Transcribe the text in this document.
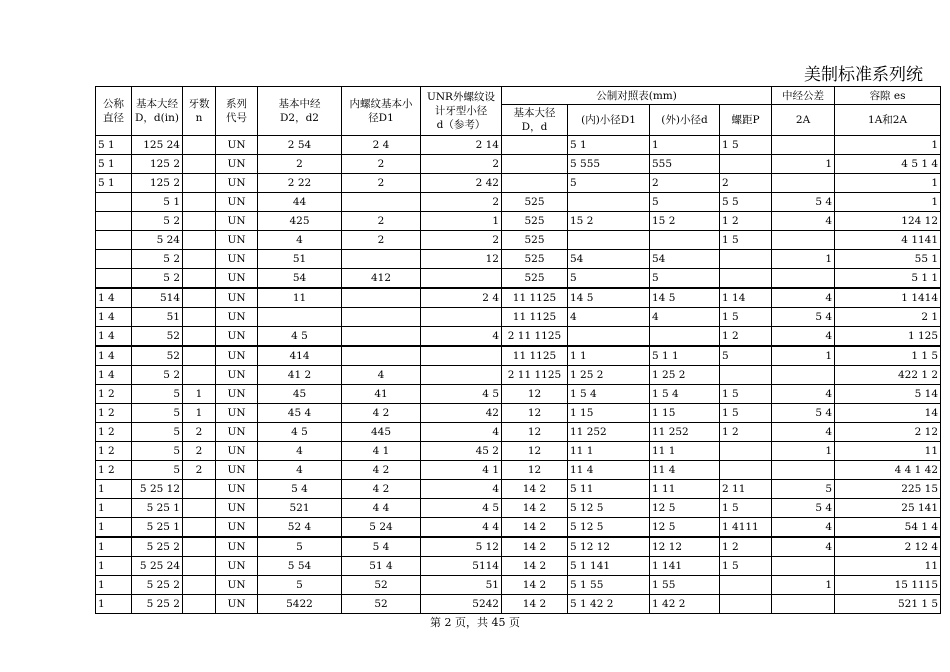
美制标准系列统
公称
直径	基本大经
D，d(in)	牙数
n	系列
代号	基本中经
D2，d2	内螺纹基本小
径D1	UNR外螺纹设
计牙型小径
d（参考）	公制对照表(mm)				中经公差	容隙 es
							基本大径
D，d	(内)小径D1	(外)小径d	螺距P	2A	1A和2A
5 1	125 24		UN	2 54	2 4	2 14		5 1	1	1 5		1
5 1	125 2		UN	2	2	2		5 555	555		1	4 5 1 4
5 1	125 2		UN	2 22	2	2 42		5	2	2		1
	5 1		UN	44		2	525		5	5 5	5 4	1
	5 2		UN	425	2	1	525	15 2	15 2	1 2	4	124 12
	5 24		UN	4	2	2	525			1 5		4 1141
	5 2		UN	51		12	525	54	54		1	55 1
	5 2		UN	54	412		525	5	5			5 1 1
1 4	514		UN	11		2 4	11 1125	14 5	14 5	1 14	4	1 1414
1 4	51		UN				11 1125	4	4	1 5	5 4	2 1
1 4	52		UN	4 5		4	2 11 1125			1 2	4	1 125
1 4	52		UN	414			11 1125	1 1	5 1 1	5	1	1 1 5
1 4	5 2		UN	41 2	4		2 11 1125	1 25 2	1 25 2			422 1 2
1 2	5	1	UN	45	41	4 5	12	1 5 4	1 5 4	1 5	4	5 14
1 2	5	1	UN	45 4	4 2	42	12	1 15	1 15	1 5	5 4	14
1 2	5	2	UN	4 5	445	4	12	11 252	11 252	1 2	4	2 12
1 2	5	2	UN	4	4 1	45 2	12	11 1	11 1		1	11
1 2	5	2	UN	4	4 2	4 1	12	11 4	11 4			4 4 1 42
1	5 25 12		UN	5 4	4 2	4	14 2	5 11	1 11	2 11	5	225 15
1	5 25 1		UN	521	4 4	4 5	14 2	5 12 5	12 5	1 5	5 4	25 141
1	5 25 1		UN	52 4	5 24	4 4	14 2	5 12 5	12 5	1 4111	4	54 1 4
1	5 25 2		UN	5	5 4	5 12	14 2	5 12 12	12 12	1 2	4	2 12 4
1	5 25 24		UN	5 54	51 4	5114	14 2	5 1 141	1 141	1 5		11
1	5 25 2		UN	5	52	51	14 2	5 1 55	1 55		1	15 1115
1	5 25 2		UN	5422	52	5242	14 2	5 1 42 2	1 42 2			521 1 5
第 2 页，共 45 页
